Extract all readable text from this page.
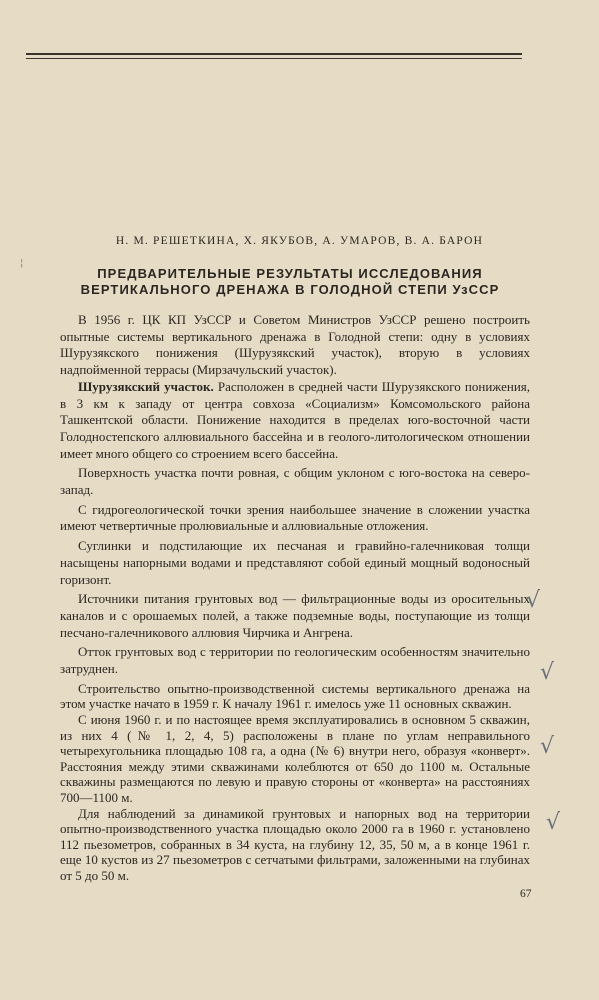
¦
Н. М. РЕШЕТКИНА, Х. ЯКУБОВ, А. УМАРОВ, В. А. БАРОН
ПРЕДВАРИТЕЛЬНЫЕ РЕЗУЛЬТАТЫ ИССЛЕДОВАНИЯ
ВЕРТИКАЛЬНОГО ДРЕНАЖА В ГОЛОДНОЙ СТЕПИ УзССР

В 1956 г. ЦК КП УзССР и Советом Министров УзССР решено построить опытные системы вертикального дренажа в Голодной степи: одну в условиях Шурузякского понижения (Шурузякский участок), вторую в условиях надпойменной террасы (Мирзачульский участок).

Шурузякский участок. Расположен в средней части Шурузякского понижения, в 3 км к западу от центра совхоза «Социализм» Комсомольского района Ташкентской области. Понижение находится в пределах юго-восточной части Голодностепского аллювиального бассейна и в геолого-литологическом отношении имеет много общего со строением всего бассейна.

Поверхность участка почти ровная, с общим уклоном с юго-востока на северо-запад.

С гидрогеологической точки зрения наибольшее значение в сложении участка имеют четвертичные пролювиальные и аллювиальные отложения.

Суглинки и подстилающие их песчаная и гравийно-галечниковая толщи насыщены напорными водами и представляют собой единый мощный водоносный горизонт.

Источники питания грунтовых вод — фильтрационные воды из оросительных каналов и с орошаемых полей, а также подземные воды, поступающие из толщи песчано-галечникового аллювия Чирчика и Ангрена.

Отток грунтовых вод с территории по геологическим особенностям значительно затруднен.

Строительство опытно-производственной системы вертикального дренажа на этом участке начато в 1959 г. К началу 1961 г. имелось уже 11 основных скважин.

С июня 1960 г. и по настоящее время эксплуатировались в основном 5 скважин, из них 4 (№ 1, 2, 4, 5) расположены в плане по углам неправильного четырехугольника площадью 108 га, а одна (№ 6) внутри него, образуя «конверт». Расстояния между этими скважинами колеблются от 650 до 1100 м. Остальные скважины размещаются по левую и правую стороны от «конверта» на расстояниях 700—1100 м.

Для наблюдений за динамикой грунтовых и напорных вод на территории опытно-производственного участка площадью около 2000 га в 1960 г. установлено 112 пьезометров, собранных в 34 куста, на глубину 12, 35, 50 м, а в конце 1961 г. еще 10 кустов из 27 пьезометров с сетчатыми фильтрами, заложенными на глубинах от 5 до 50 м.

√
√
√
√
67
